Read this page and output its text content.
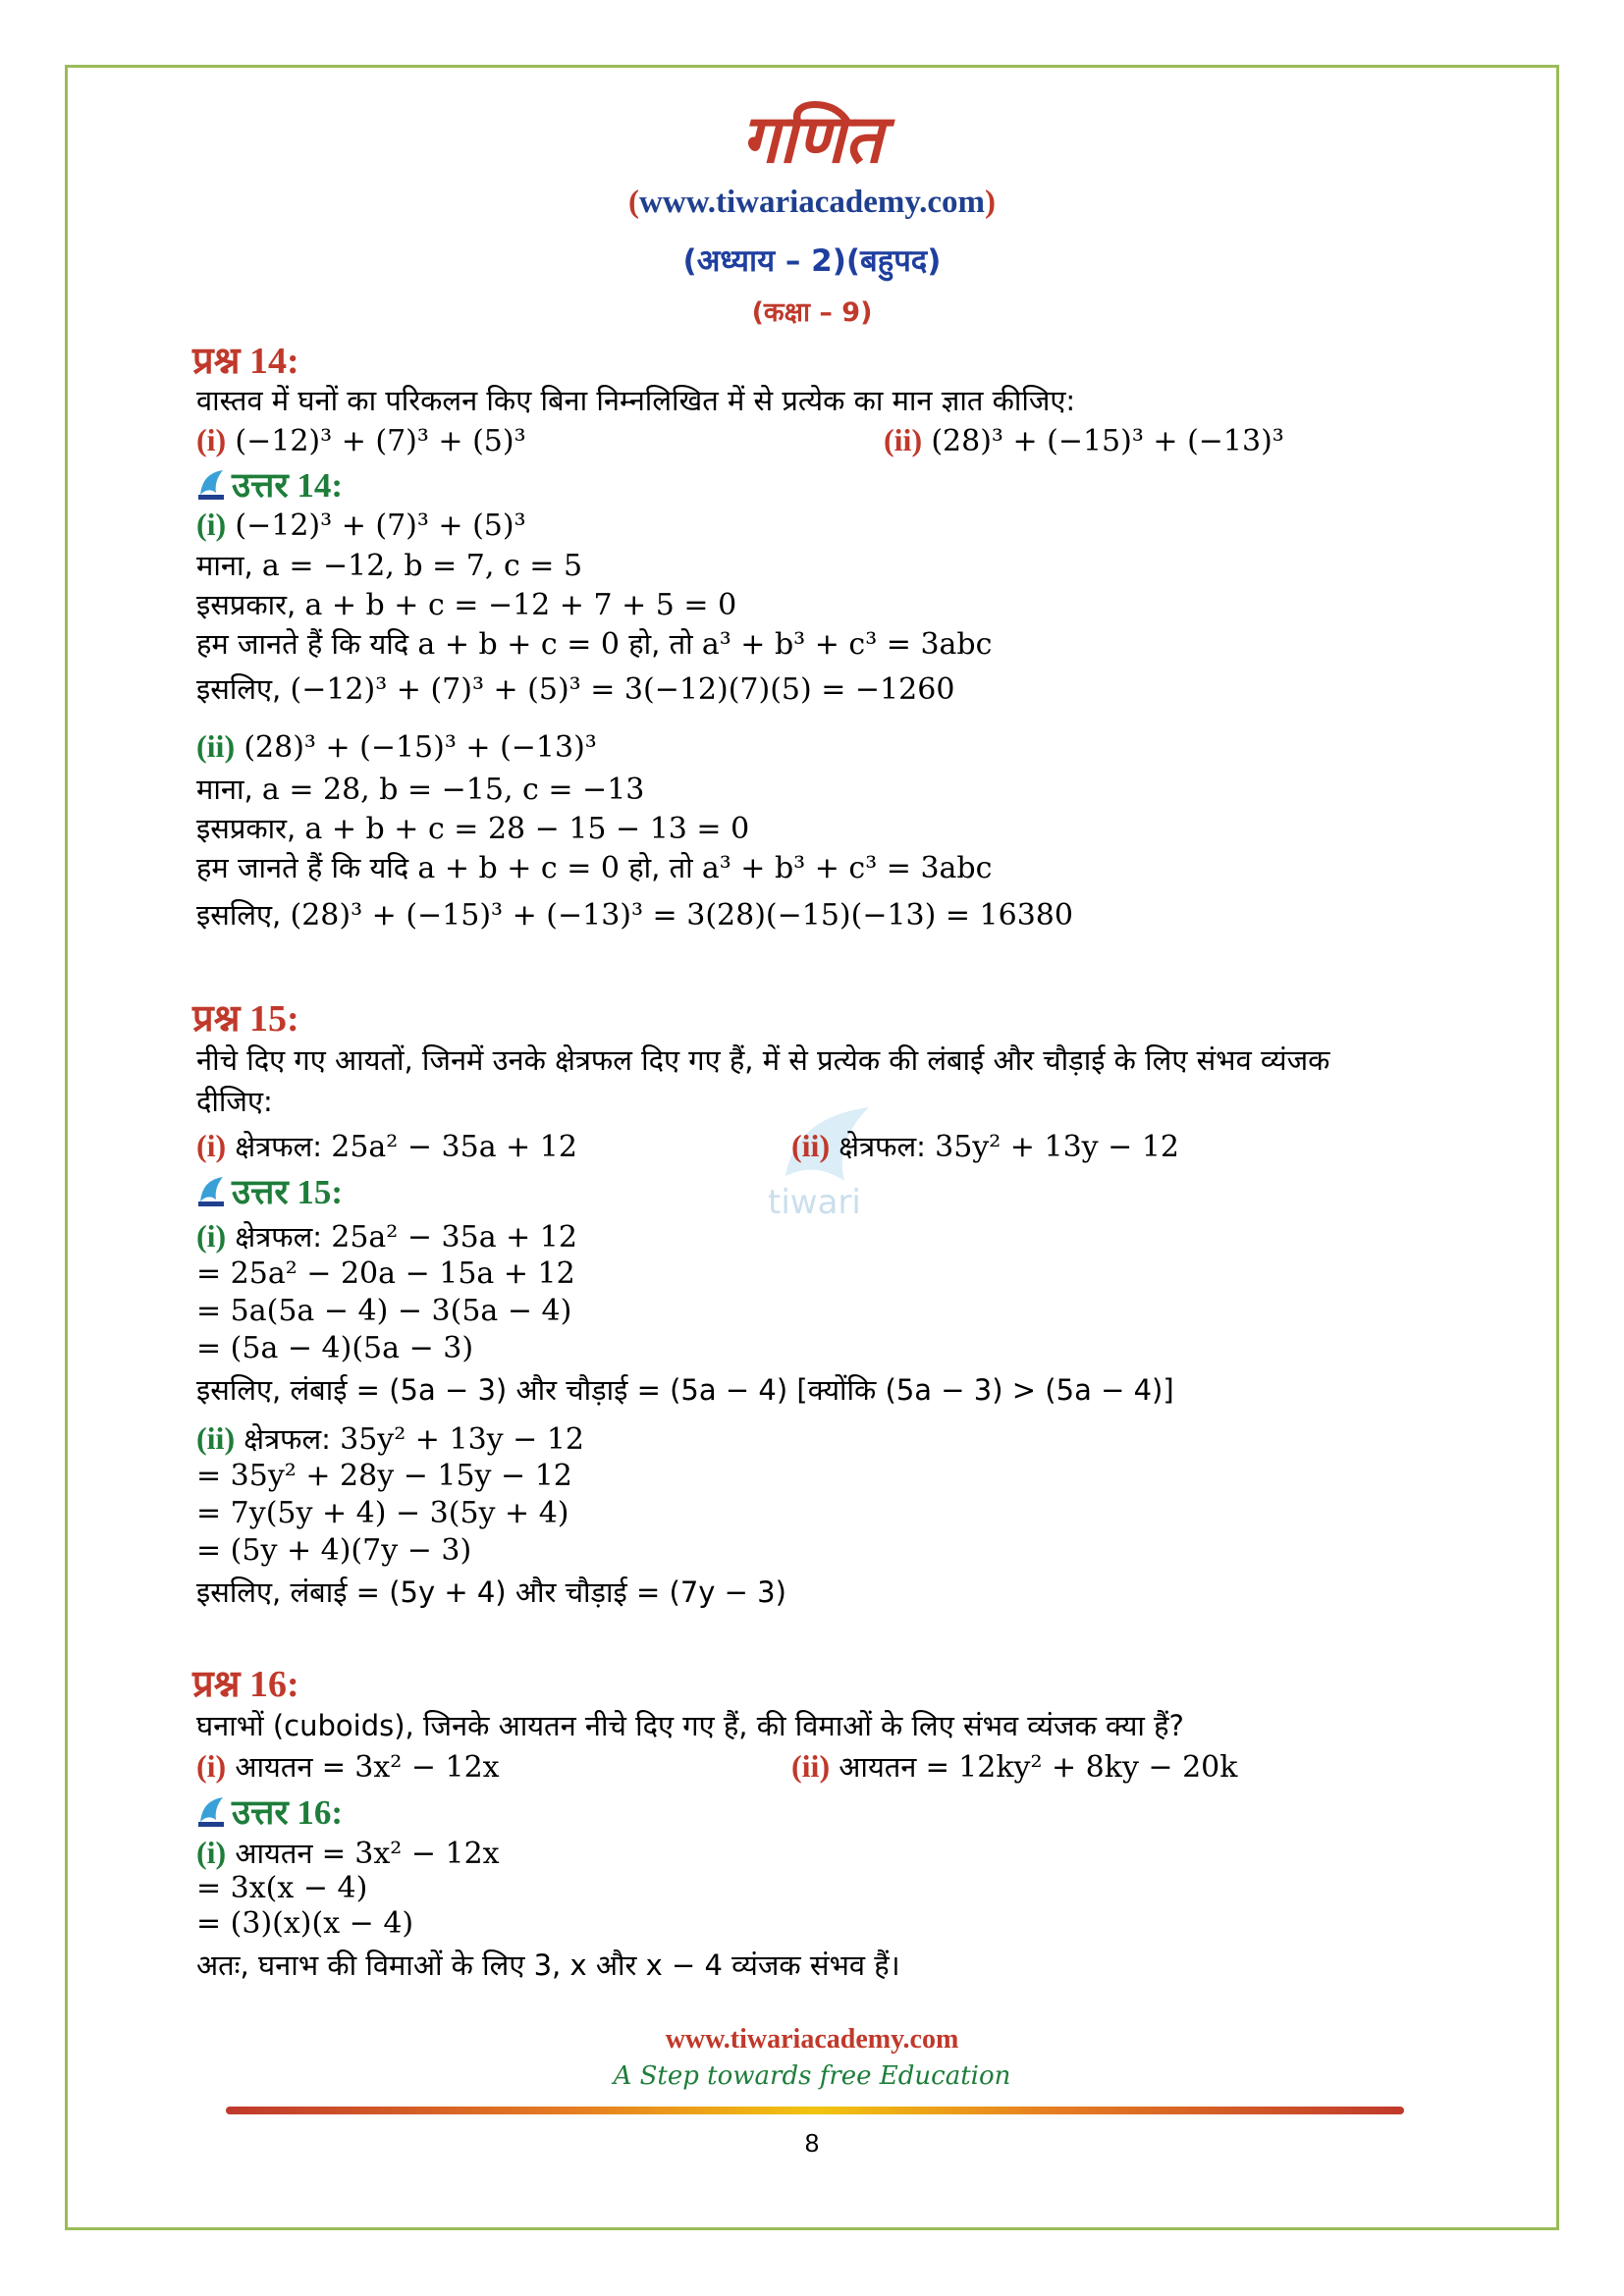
गणित
(www.tiwariacademy.com)
(अध्याय – 2)(बहुपद)
(कक्षा – 9)
प्रश्न 14:
वास्तव में घनों का परिकलन किए बिना निम्नलिखित में से प्रत्येक का मान ज्ञात कीजिए:
(i) (−12)³ + (7)³ + (5)³	(ii) (28)³ + (−15)³ + (−13)³
उत्तर 14:
(i) (−12)³ + (7)³ + (5)³
माना, a = −12, b = 7, c = 5
इसप्रकार, a + b + c = −12 + 7 + 5 = 0
हम जानते हैं कि यदि a + b + c = 0 हो, तो a³ + b³ + c³ = 3abc
इसलिए, (−12)³ + (7)³ + (5)³ = 3(−12)(7)(5) = −1260
(ii) (28)³ + (−15)³ + (−13)³
माना, a = 28, b = −15, c = −13
इसप्रकार, a + b + c = 28 − 15 − 13 = 0
हम जानते हैं कि यदि a + b + c = 0 हो, तो a³ + b³ + c³ = 3abc
इसलिए, (28)³ + (−15)³ + (−13)³ = 3(28)(−15)(−13) = 16380
प्रश्न 15:
नीचे दिए गए आयतों, जिनमें उनके क्षेत्रफल दिए गए हैं, में से प्रत्येक की लंबाई और चौड़ाई के लिए संभव व्यंजक
दीजिए:
tiwari
(i) क्षेत्रफल: 25a² − 35a + 12	(ii) क्षेत्रफल: 35y² + 13y − 12
उत्तर 15:
(i) क्षेत्रफल: 25a² − 35a + 12
= 25a² − 20a − 15a + 12
= 5a(5a − 4) − 3(5a − 4)
= (5a − 4)(5a − 3)
इसलिए, लंबाई = (5a − 3) और चौड़ाई = (5a − 4) [क्योंकि (5a − 3) > (5a − 4)]
(ii) क्षेत्रफल: 35y² + 13y − 12
= 35y² + 28y − 15y − 12
= 7y(5y + 4) − 3(5y + 4)
= (5y + 4)(7y − 3)
इसलिए, लंबाई = (5y + 4) और चौड़ाई = (7y − 3)
प्रश्न 16:
घनाभों (cuboids), जिनके आयतन नीचे दिए गए हैं, की विमाओं के लिए संभव व्यंजक क्या हैं?
(i) आयतन = 3x² − 12x	(ii) आयतन = 12ky² + 8ky − 20k
उत्तर 16:
(i) आयतन = 3x² − 12x
= 3x(x − 4)
= (3)(x)(x − 4)
अतः, घनाभ की विमाओं के लिए 3, x और x − 4 व्यंजक संभव हैं।
www.tiwariacademy.com
A Step towards free Education
8
